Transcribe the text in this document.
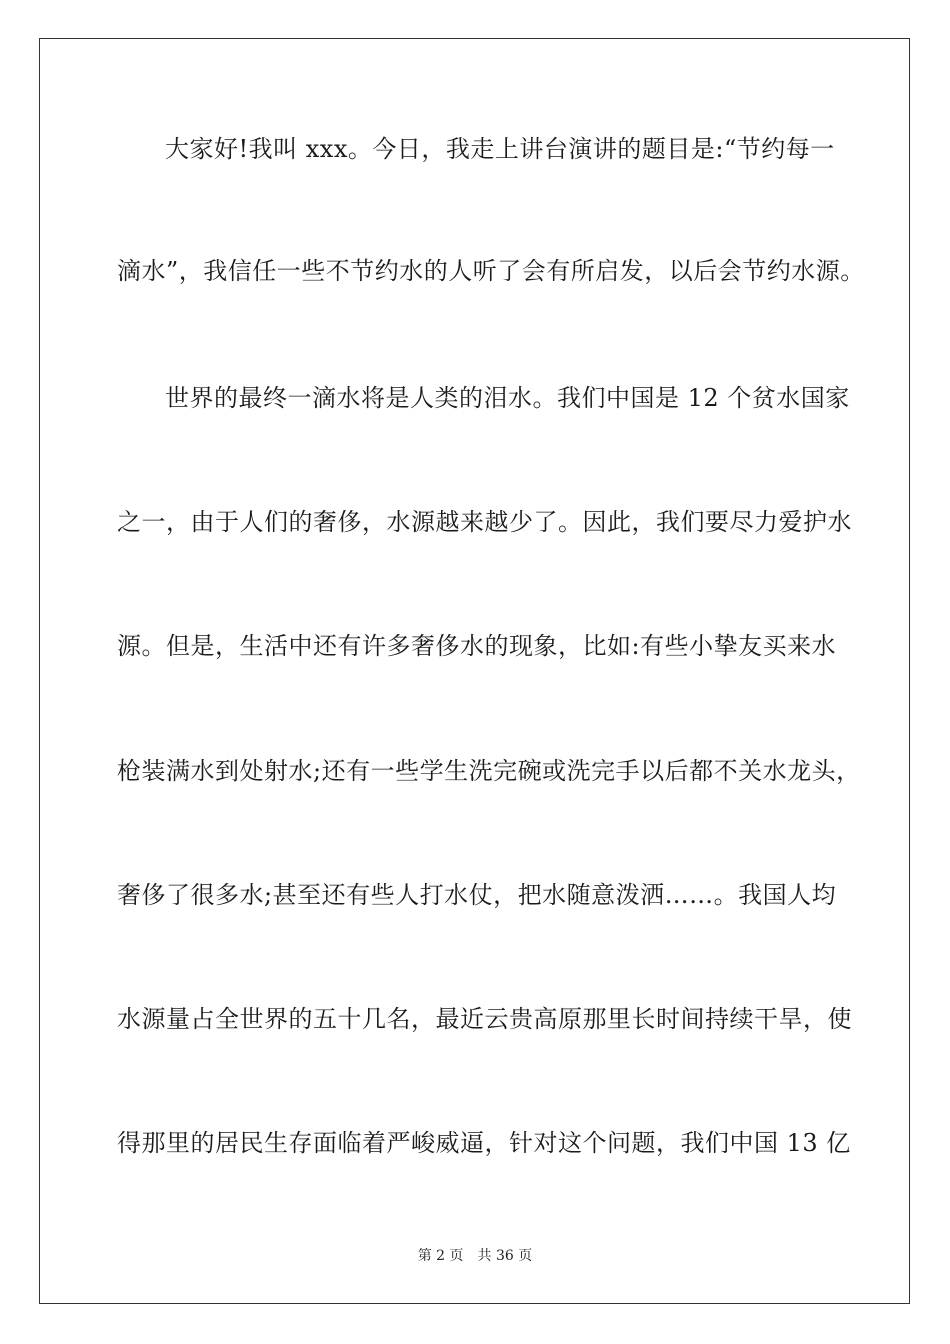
大家好!我叫 xxx。今日，我走上讲台演讲的题目是:“节约每一
滴水”，我信任一些不节约水的人听了会有所启发，以后会节约水源。
世界的最终一滴水将是人类的泪水。我们中国是 12 个贫水国家
之一，由于人们的奢侈，水源越来越少了。因此，我们要尽力爱护水
源。但是，生活中还有许多奢侈水的现象，比如:有些小挚友买来水
枪装满水到处射水;还有一些学生洗完碗或洗完手以后都不关水龙头，
奢侈了很多水;甚至还有些人打水仗，把水随意泼洒……。我国人均
水源量占全世界的五十几名，最近云贵高原那里长时间持续干旱，使
得那里的居民生存面临着严峻威逼，针对这个问题，我们中国 13 亿
第 2 页 共 36 页
